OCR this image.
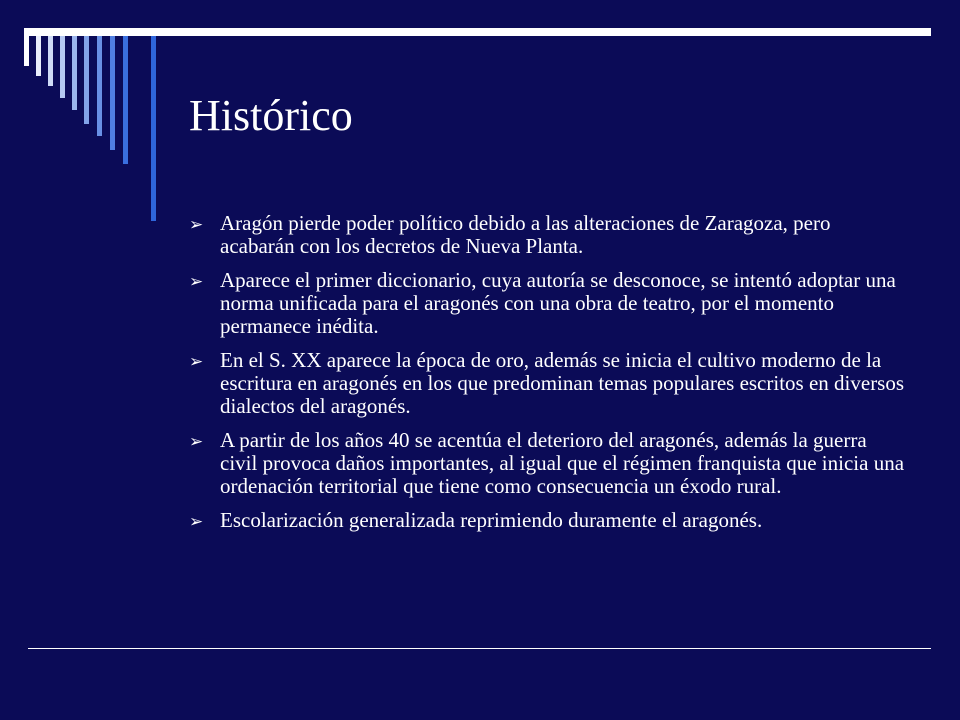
Histórico
➢ Aragón pierde poder político debido a las alteraciones de Zaragoza, pero acabarán con los decretos de Nueva Planta.
➢ Aparece el primer diccionario, cuya autoría se desconoce, se intentó adoptar una norma unificada para el aragonés con una obra de teatro, por el momento permanece inédita.
➢ En el S. XX aparece la época de oro, además se inicia el cultivo moderno de la escritura en aragonés en los que predominan temas populares escritos en diversos dialectos del aragonés.
➢ A partir de los años 40 se acentúa el deterioro del aragonés, además la guerra civil provoca daños importantes, al igual que el régimen franquista que inicia una ordenación territorial que tiene como consecuencia un éxodo rural.
➢ Escolarización generalizada reprimiendo duramente el aragonés.
